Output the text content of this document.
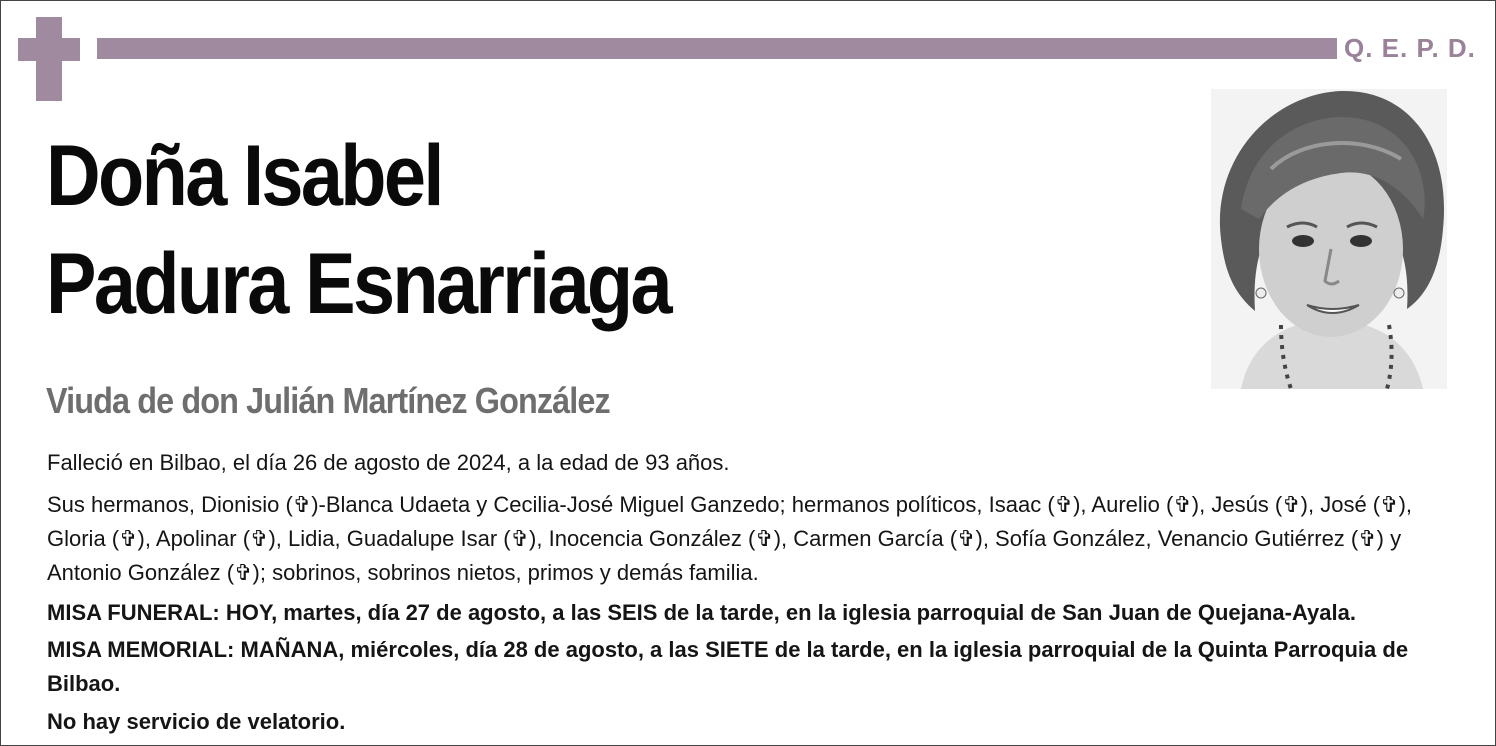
Q. E. P. D.
Doña Isabel
Padura Esnarriaga
Viuda de don Julián Martínez González
Falleció en Bilbao, el día 26 de agosto de 2024, a la edad de 93 años.
Sus hermanos, Dionisio (✞)-Blanca Udaeta y Cecilia-José Miguel Ganzedo; hermanos políticos, Isaac (✞), Aurelio (✞), Jesús (✞), José (✞), Gloria (✞), Apolinar (✞), Lidia, Guadalupe Isar (✞), Inocencia González (✞), Carmen García (✞), Sofía González, Venancio Gutiérrez (✞) y Antonio González (✞); sobrinos, sobrinos nietos, primos y demás familia.
MISA FUNERAL: HOY, martes, día 27 de agosto, a las SEIS de la tarde, en la iglesia parroquial de San Juan de Quejana-Ayala.
MISA MEMORIAL: MAÑANA, miércoles, día 28 de agosto, a las SIETE de la tarde, en la iglesia parroquial de la Quinta Parroquia de Bilbao.
No hay servicio de velatorio.
